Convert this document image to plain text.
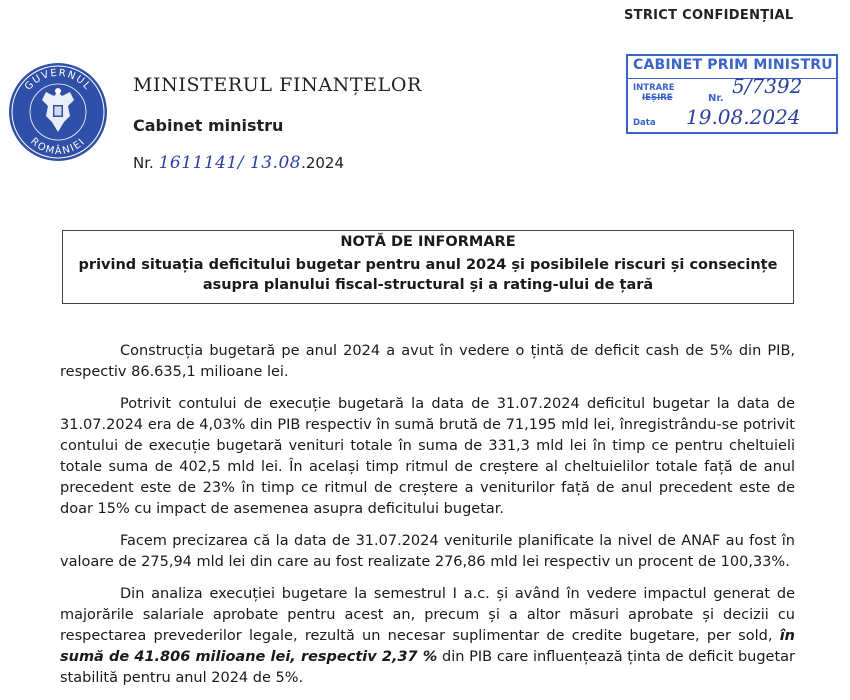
STRICT CONFIDENȚIAL
GUVERNUL
ROMÂNIEI
MINISTERUL FINANȚELOR
Cabinet ministru
Nr. 1611141/ 13.08.2024
CABINET PRIM MINISTRU
INTRARE
IEȘIRE	Nr.
5/7392
Data 19.08.2024
NOTĂ DE INFORMARE
privind situația deficitului bugetar pentru anul 2024 și posibilele riscuri și consecințe
asupra planului fiscal-structural și a rating-ului de țară

Construcția bugetară pe anul 2024 a avut în vedere o țintă de deficit cash de 5% din PIB, respectiv 86.635,1 milioane lei.

Potrivit contului de execuție bugetară la data de 31.07.2024 deficitul bugetar la data de 31.07.2024 era de 4,03% din PIB respectiv în sumă brută de 71,195 mld lei, înregistrându-se potrivit contului de execuție bugetară venituri totale în suma de 331,3 mld lei în timp ce pentru cheltuieli totale suma de 402,5 mld lei. În același timp ritmul de creștere al cheltuielilor totale față de anul precedent este de 23% în timp ce ritmul de creștere a veniturilor față de anul precedent este de doar 15% cu impact de asemenea asupra deficitului bugetar.

Facem precizarea că la data de 31.07.2024 veniturile planificate la nivel de ANAF au fost în valoare de 275,94 mld lei din care au fost realizate 276,86 mld lei respectiv un procent de 100,33%.

Din analiza execuției bugetare la semestrul I a.c. și având în vedere impactul generat de majorările salariale aprobate pentru acest an, precum și a altor măsuri aprobate și decizii cu respectarea prevederilor legale, rezultă un necesar suplimentar de credite bugetare, per sold, în sumă de 41.806 milioane lei, respectiv 2,37 % din PIB care influențează ținta de deficit bugetar stabilită pentru anul 2024 de 5%.
